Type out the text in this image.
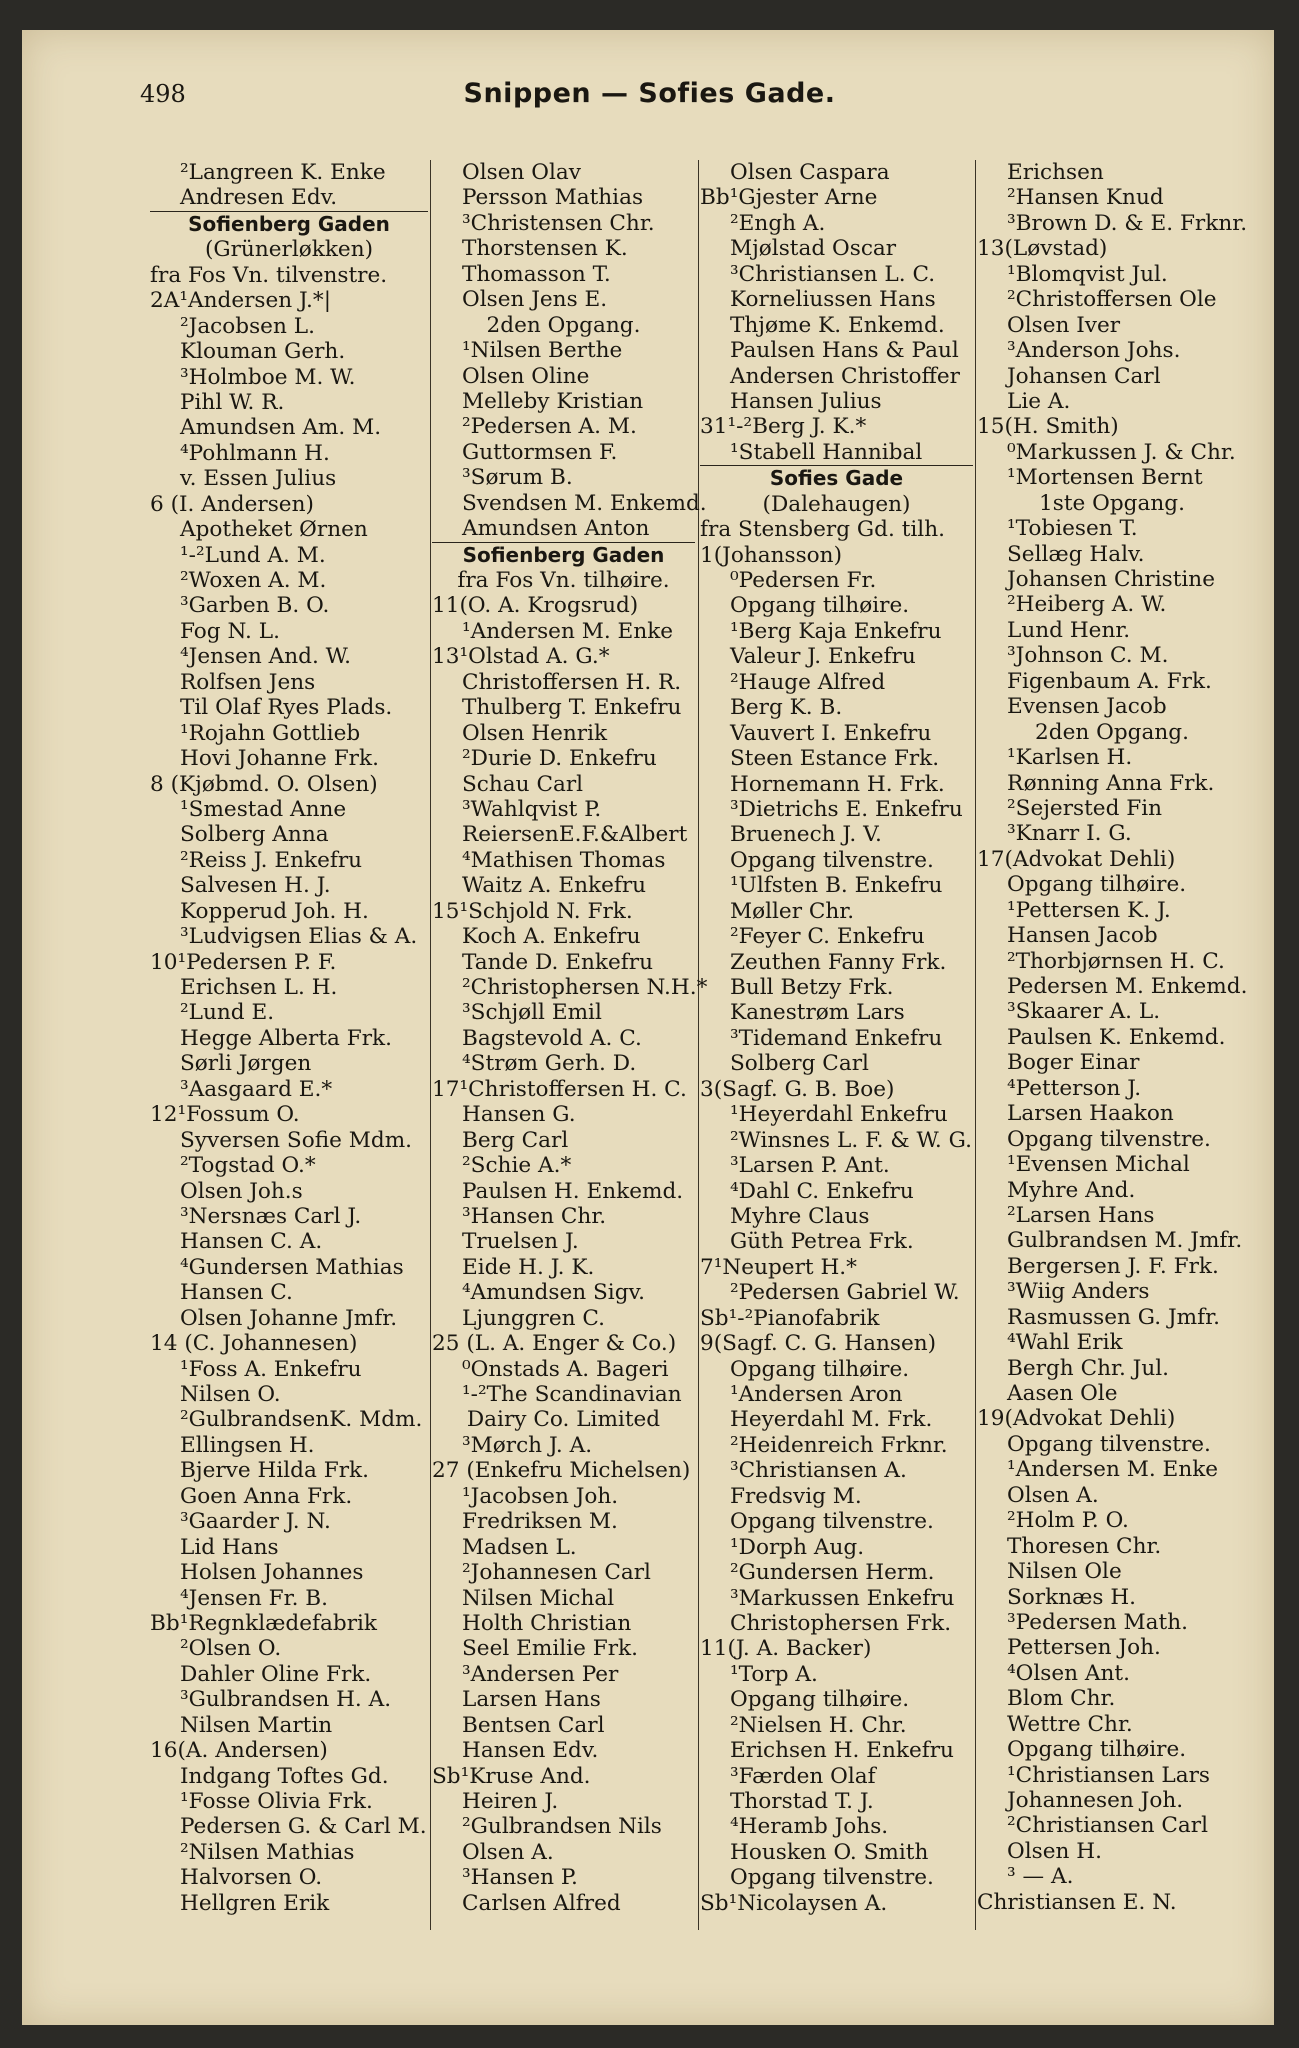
498	Snippen — Sofies Gade.
²Langreen K. Enke
Andresen Edv.
Sofienberg Gaden
(Grünerløkken)
fra Fos Vn. tilvenstre.
2A¹Andersen J.*|
²Jacobsen L.
Klouman Gerh.
³Holmboe M. W.
Pihl W. R.
Amundsen Am. M.
⁴Pohlmann H.
v. Essen Julius
6 (I. Andersen)
Apotheket Ørnen
¹-²Lund A. M.
²Woxen A. M.
³Garben B. O.
Fog N. L.
⁴Jensen And. W.
Rolfsen Jens
Til Olaf Ryes Plads.
¹Rojahn Gottlieb
Hovi Johanne Frk.
8 (Kjøbmd. O. Olsen)
¹Smestad Anne
Solberg Anna
²Reiss J. Enkefru
Salvesen H. J.
Kopperud Joh. H.
³Ludvigsen Elias & A.
10¹Pedersen P. F.
Erichsen L. H.
²Lund E.
Hegge Alberta Frk.
Sørli Jørgen
³Aasgaard E.*
12¹Fossum O.
Syversen Sofie Mdm.
²Togstad O.*
Olsen Joh.s
³Nersnæs Carl J.
Hansen C. A.
⁴Gundersen Mathias
Hansen C.
Olsen Johanne Jmfr.
14 (C. Johannesen)
¹Foss A. Enkefru
Nilsen O.
²GulbrandsenK. Mdm.
Ellingsen H.
Bjerve Hilda Frk.
Goen Anna Frk.
³Gaarder J. N.
Lid Hans
Holsen Johannes
⁴Jensen Fr. B.
Bb¹Regnklædefabrik
²Olsen O.
Dahler Oline Frk.
³Gulbrandsen H. A.
Nilsen Martin
16(A. Andersen)
Indgang Toftes Gd.
¹Fosse Olivia Frk.
Pedersen G. & Carl M.
²Nilsen Mathias
Halvorsen O.
Hellgren Erik
Olsen Olav
Persson Mathias
³Christensen Chr.
Thorstensen K.
Thomasson T.
Olsen Jens E.
2den Opgang.
¹Nilsen Berthe
Olsen Oline
Melleby Kristian
²Pedersen A. M.
Guttormsen F.
³Sørum B.
Svendsen M. Enkemd.
Amundsen Anton
Sofienberg Gaden
fra Fos Vn. tilhøire.
11(O. A. Krogsrud)
¹Andersen M. Enke
13¹Olstad A. G.*
Christoffersen H. R.
Thulberg T. Enkefru
Olsen Henrik
²Durie D. Enkefru
Schau Carl
³Wahlqvist P.
ReiersenE.F.&Albert
⁴Mathisen Thomas
Waitz A. Enkefru
15¹Schjold N. Frk.
Koch A. Enkefru
Tande D. Enkefru
²Christophersen N.H.*
³Schjøll Emil
Bagstevold A. C.
⁴Strøm Gerh. D.
17¹Christoffersen H. C.
Hansen G.
Berg Carl
²Schie A.*
Paulsen H. Enkemd.
³Hansen Chr.
Truelsen J.
Eide H. J. K.
⁴Amundsen Sigv.
Ljunggren C.
25 (L. A. Enger & Co.)
⁰Onstads A. Bageri
¹-²The Scandinavian
Dairy Co. Limited
³Mørch J. A.
27 (Enkefru Michelsen)
¹Jacobsen Joh.
Fredriksen M.
Madsen L.
²Johannesen Carl
Nilsen Michal
Holth Christian
Seel Emilie Frk.
³Andersen Per
Larsen Hans
Bentsen Carl
Hansen Edv.
Sb¹Kruse And.
Heiren J.
²Gulbrandsen Nils
Olsen A.
³Hansen P.
Carlsen Alfred
Olsen Caspara
Bb¹Gjester Arne
²Engh A.
Mjølstad Oscar
³Christiansen L. C.
Korneliussen Hans
Thjøme K. Enkemd.
Paulsen Hans & Paul
Andersen Christoffer
Hansen Julius
31¹-²Berg J. K.*
¹Stabell Hannibal
Sofies Gade
(Dalehaugen)
fra Stensberg Gd. tilh.
1(Johansson)
⁰Pedersen Fr.
Opgang tilhøire.
¹Berg Kaja Enkefru
Valeur J. Enkefru
²Hauge Alfred
Berg K. B.
Vauvert I. Enkefru
Steen Estance Frk.
Hornemann H. Frk.
³Dietrichs E. Enkefru
Bruenech J. V.
Opgang tilvenstre.
¹Ulfsten B. Enkefru
Møller Chr.
²Feyer C. Enkefru
Zeuthen Fanny Frk.
Bull Betzy Frk.
Kanestrøm Lars
³Tidemand Enkefru
Solberg Carl
3(Sagf. G. B. Boe)
¹Heyerdahl Enkefru
²Winsnes L. F. & W. G.
³Larsen P. Ant.
⁴Dahl C. Enkefru
Myhre Claus
Güth Petrea Frk.
7¹Neupert H.*
²Pedersen Gabriel W.
Sb¹-²Pianofabrik
9(Sagf. C. G. Hansen)
Opgang tilhøire.
¹Andersen Aron
Heyerdahl M. Frk.
²Heidenreich Frknr.
³Christiansen A.
Fredsvig M.
Opgang tilvenstre.
¹Dorph Aug.
²Gundersen Herm.
³Markussen Enkefru
Christophersen Frk.
11(J. A. Backer)
¹Torp A.
Opgang tilhøire.
²Nielsen H. Chr.
Erichsen H. Enkefru
³Færden Olaf
Thorstad T. J.
⁴Heramb Johs.
Housken O. Smith
Opgang tilvenstre.
Sb¹Nicolaysen A.
Erichsen
²Hansen Knud
³Brown D. & E. Frknr.
13(Løvstad)
¹Blomqvist Jul.
²Christoffersen Ole
Olsen Iver
³Anderson Johs.
Johansen Carl
Lie A.
15(H. Smith)
⁰Markussen J. & Chr.
¹Mortensen Bernt
1ste Opgang.
¹Tobiesen T.
Sellæg Halv.
Johansen Christine
²Heiberg A. W.
Lund Henr.
³Johnson C. M.
Figenbaum A. Frk.
Evensen Jacob
2den Opgang.
¹Karlsen H.
Rønning Anna Frk.
²Sejersted Fin
³Knarr I. G.
17(Advokat Dehli)
Opgang tilhøire.
¹Pettersen K. J.
Hansen Jacob
²Thorbjørnsen H. C.
Pedersen M. Enkemd.
³Skaarer A. L.
Paulsen K. Enkemd.
Boger Einar
⁴Petterson J.
Larsen Haakon
Opgang tilvenstre.
¹Evensen Michal
Myhre And.
²Larsen Hans
Gulbrandsen M. Jmfr.
Bergersen J. F. Frk.
³Wiig Anders
Rasmussen G. Jmfr.
⁴Wahl Erik
Bergh Chr. Jul.
Aasen Ole
19(Advokat Dehli)
Opgang tilvenstre.
¹Andersen M. Enke
Olsen A.
²Holm P. O.
Thoresen Chr.
Nilsen Ole
Sorknæs H.
³Pedersen Math.
Pettersen Joh.
⁴Olsen Ant.
Blom Chr.
Wettre Chr.
Opgang tilhøire.
¹Christiansen Lars
Johannesen Joh.
²Christiansen Carl
Olsen H.
³ — A.
Christiansen E. N.
